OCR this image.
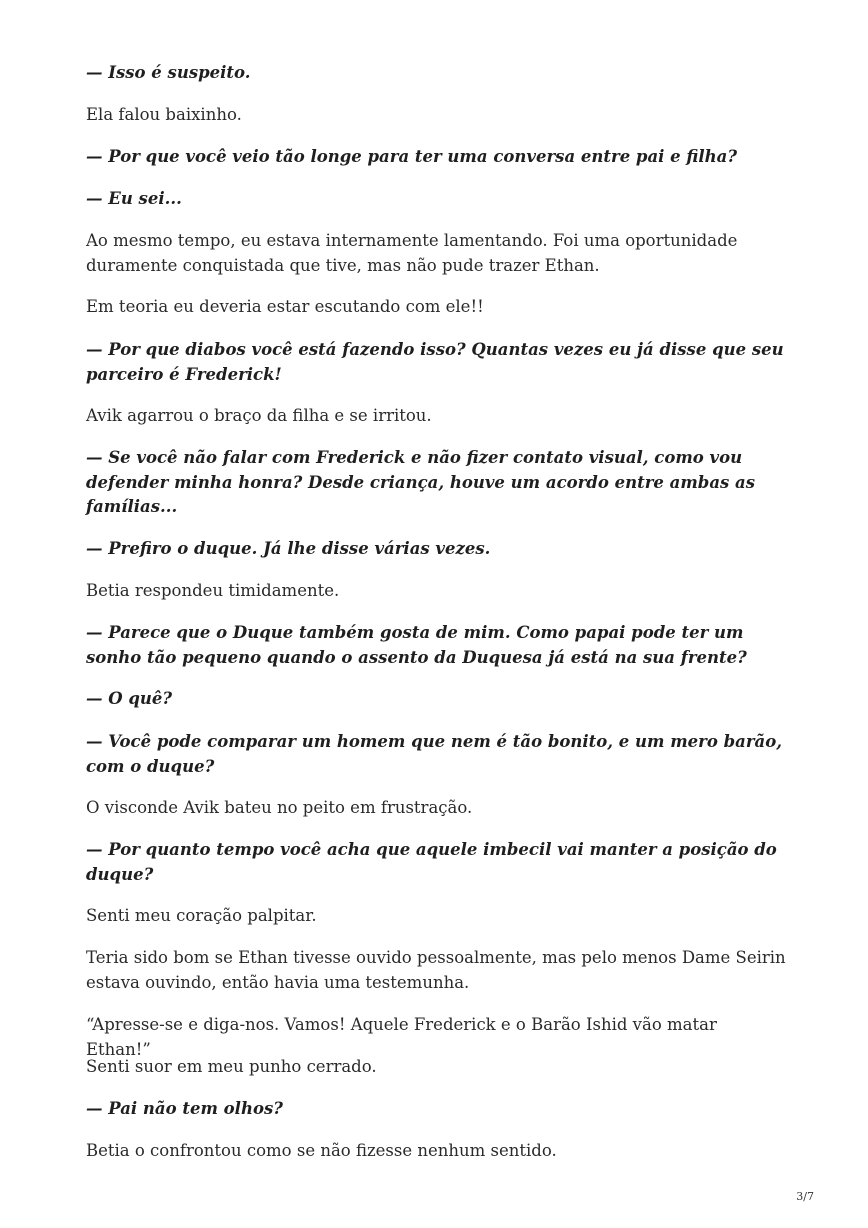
— Isso é suspeito.

Ela falou baixinho.

— Por que você veio tão longe para ter uma conversa entre pai e filha?

— Eu sei...

Ao mesmo tempo, eu estava internamente lamentando. Foi uma oportunidade duramente conquistada que tive, mas não pude trazer Ethan.

Em teoria eu deveria estar escutando com ele!!

— Por que diabos você está fazendo isso? Quantas vezes eu já disse que seu parceiro é Frederick!

Avik agarrou o braço da filha e se irritou.

— Se você não falar com Frederick e não fizer contato visual, como vou defender minha honra? Desde criança, houve um acordo entre ambas as famílias...

— Prefiro o duque. Já lhe disse várias vezes.

Betia respondeu timidamente.

— Parece que o Duque também gosta de mim. Como papai pode ter um sonho tão pequeno quando o assento da Duquesa já está na sua frente?

— O quê?

— Você pode comparar um homem que nem é tão bonito, e um mero barão, com o duque?

O visconde Avik bateu no peito em frustração.

— Por quanto tempo você acha que aquele imbecil vai manter a posição do duque?

Senti meu coração palpitar.

Teria sido bom se Ethan tivesse ouvido pessoalmente, mas pelo menos Dame Seirin estava ouvindo, então havia uma testemunha.

“Apresse-se e diga-nos. Vamos! Aquele Frederick e o Barão Ishid vão matar Ethan!”

Senti suor em meu punho cerrado.

— Pai não tem olhos?

Betia o confrontou como se não fizesse nenhum sentido.

3/7
